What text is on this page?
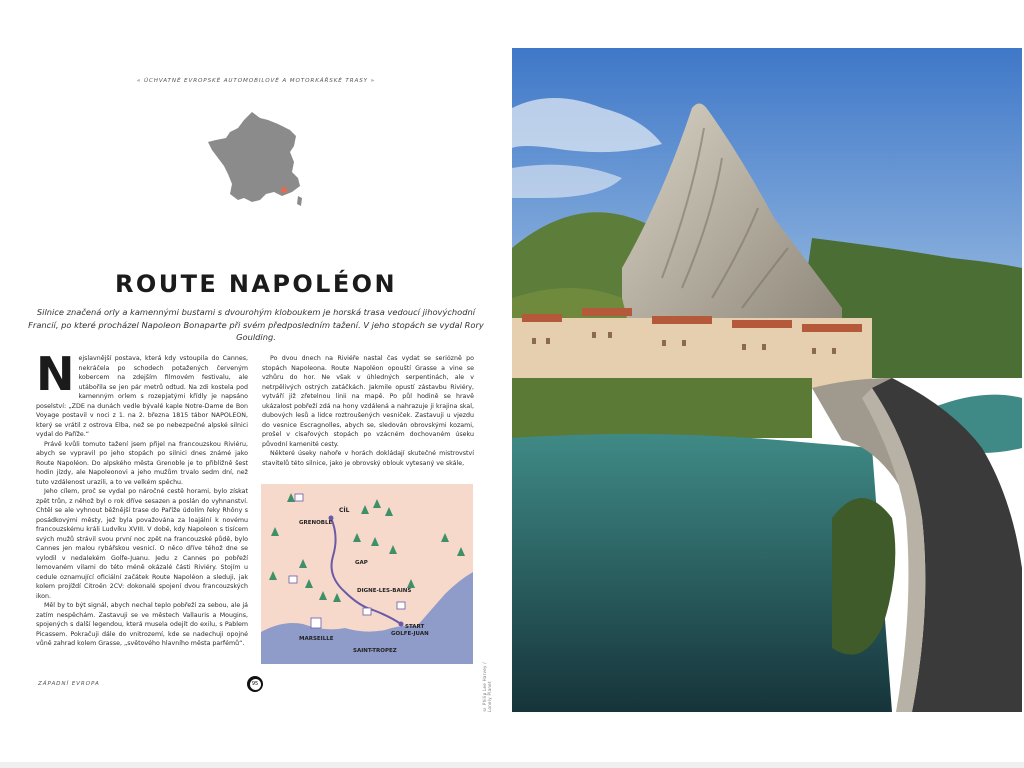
« ÚCHVATNÉ EVROPSKÉ AUTOMOBILOVÉ A MOTORKÁŘSKÉ TRASY »
ROUTE NAPOLÉON
Silnice značená orly a kamennými bustami s dvourohým kloboukem je horská trasa vedoucí jihovýchodní Francií, po které procházel Napoleon Bonaparte při svém předposledním tažení. V jeho stopách se vydal Rory Goulding.
N ejslavnější postava, která kdy vstoupila do Cannes, nekráčela po schodech potažených červeným kobercem na zdejším filmovém festivalu, ale utábořila se jen pár metrů odtud. Na zdi kostela pod kamenným orlem s rozepjatými křídly je napsáno poselství: „ZDE na dunách vedle bývalé kaple Notre-Dame de Bon Voyage postavil v noci z 1. na 2. března 1815 tábor NAPOLEON, který se vrátil z ostrova Elba, než se po nebezpečné alpské silnici vydal do Paříže.“

Právě kvůli tomuto tažení jsem přijel na francouzskou Riviéru, abych se vypravil po jeho stopách po silnici dnes známé jako Route Napoléon. Do alpského města Grenoble je to přibližně šest hodin jízdy, ale Napoleonovi a jeho mužům trvalo sedm dní, než tuto vzdálenost urazili, a to ve velkém spěchu.

Jeho cílem, proč se vydal po náročné cestě horami, bylo získat zpět trůn, z něhož byl o rok dříve sesazen a poslán do vyhnanství. Chtěl se ale vyhnout běžnější trase do Paříže údolím řeky Rhôny s posádkovými městy, jež byla považována za loajální k novému francouzskému králi Ludvíku XVIII. V době, kdy Napoleon s tisícem svých mužů strávil svou první noc zpět na francouzské půdě, bylo Cannes jen malou rybářskou vesnicí. O něco dříve téhož dne se vylodil v nedalekém Golfe-Juanu. Jedu z Cannes po pobřeží lemovaném vilami do této méně okázalé části Riviéry. Stojím u cedule oznamující oficiální začátek Route Napoléon a sleduji, jak kolem projíždí Citroën 2CV: dokonalé spojení dvou francouzských ikon.

Měl by to být signál, abych nechal teplo pobřeží za sebou, ale já zatím nespěchám. Zastavuji se ve městech Vallauris a Mougins, spojených s další legendou, která musela odejít do exilu, s Pablem Picassem. Pokračuji dále do vnitrozemí, kde se nadechuji opojné vůně zahrad kolem Grasse, „světového hlavního města parfémů“.

Po dvou dnech na Riviéře nastal čas vydat se seriózně po stopách Napoleona. Route Napoléon opouští Grasse a vine se vzhůru do hor. Ne však v úhledných serpentinách, ale v netrpělivých ostrých zatáčkách. Jakmile opustí zástavbu Riviéry, vytváří již zřetelnou linii na mapě. Po půl hodině se hravě ukázalost pobřeží zdá na hony vzdálená a nahrazuje ji krajina skal, dubových lesů a lidce roztroušených vesniček. Zastavuji u vjezdu do vesnice Escragnolles, abych se, sledován obrovskými kozami, prošel v císařových stopách po vzácném dochovaném úseku původní kamenité cesty.

Některé úseky nahoře v horách dokládají skutečné mistrovství stavitelů této silnice, jako je obrovský oblouk vytesaný ve skále,

CÍL
GRENOBLE
GAP
DIGNE-LES-BAINS
START
GOLFE-JUAN
MARSEILLE
SAINT-TROPEZ
© Philip Lee Harvey / Lonely Planet
ZÁPADNÍ EVROPA	95
